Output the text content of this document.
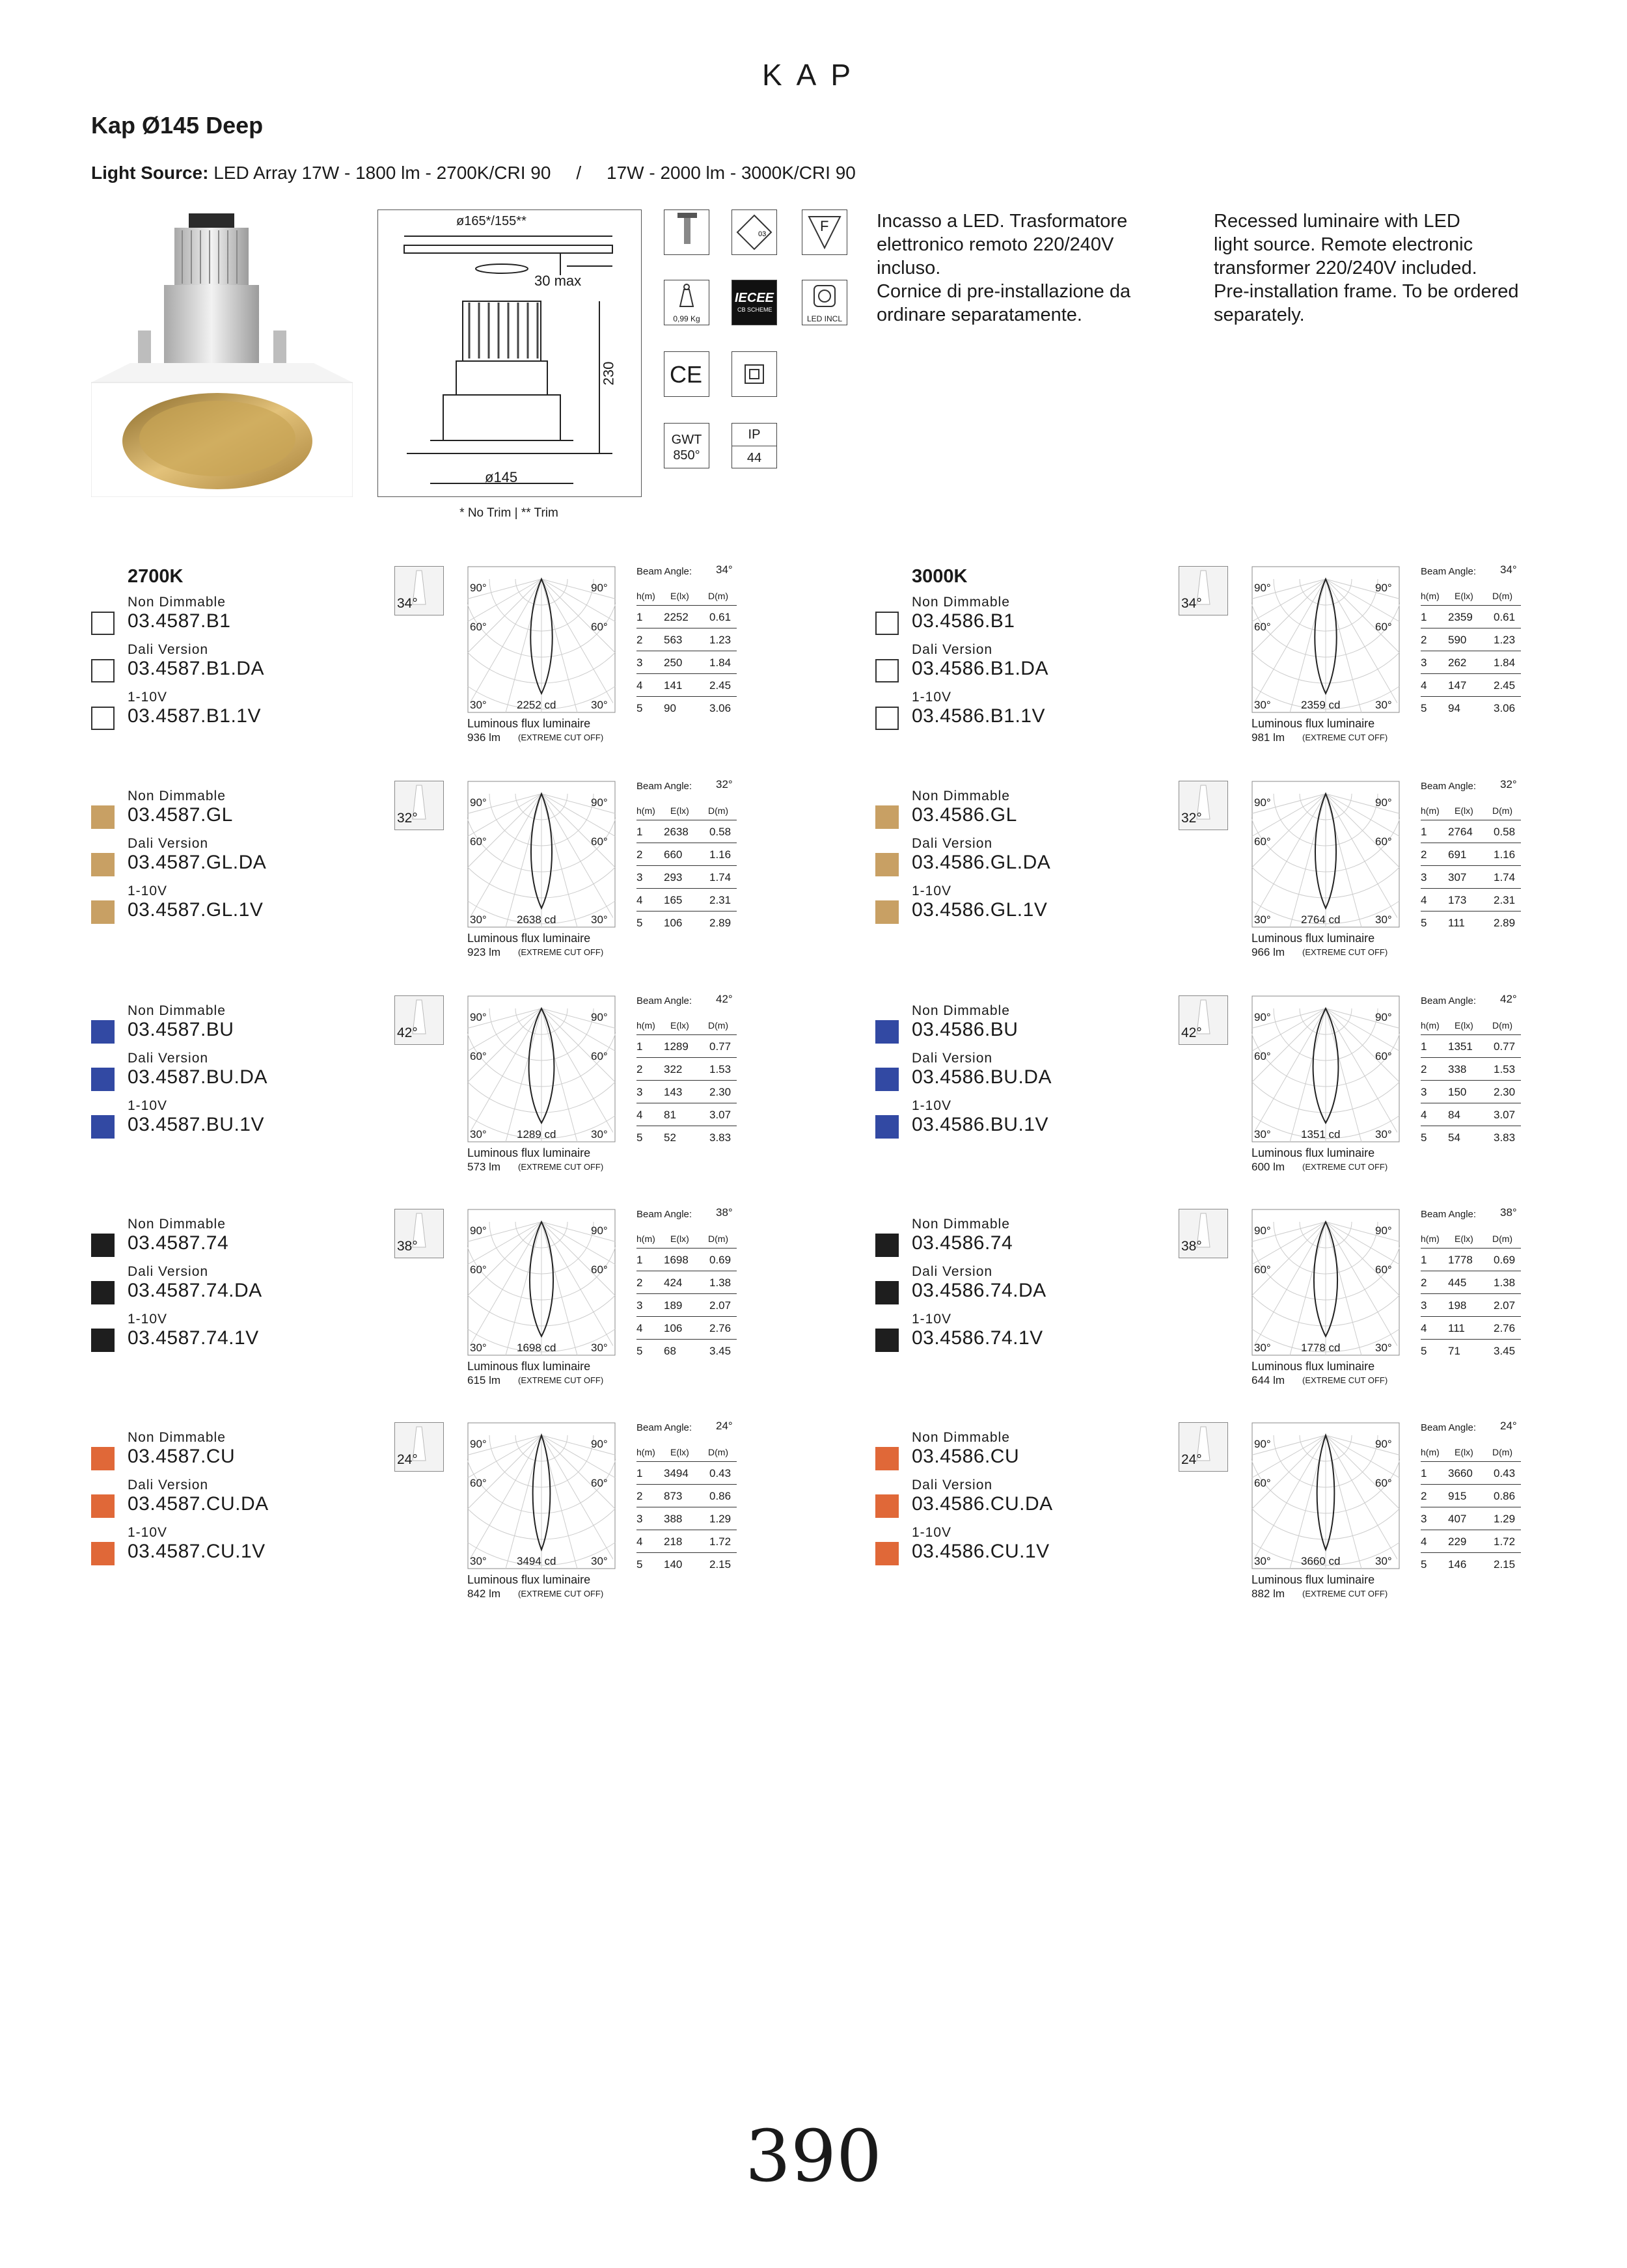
KAP
Kap Ø145 Deep
Light Source: LED Array 17W - 1800 lm - 2700K/CRI 90 / 17W - 2000 lm - 3000K/CRI 90
ø165*/155**
30 max
230
ø145
* No Trim | ** Trim
03	F
0,99 Kg
IECEE
CB SCHEME
LED INCL
CE
GWT
850°
IP
44
Incasso a LED. Trasformatore
elettronico remoto 220/240V
incluso.
Cornice di pre-installazione da
ordinare separatamente.
Recessed luminaire with LED
light source. Remote electronic
transformer 220/240V included.
Pre-installation frame. To be ordered
separately.
2700K
Non Dimmable
03.4587.B1
Dali Version
03.4587.B1.DA
1-10V
03.4587.B1.1V
34°
90°	90°
60°	60°
30°	30°
2252 cd
Luminous flux luminaire
936 lm (EXTREME CUT OFF)
Beam Angle: 34°
h(m) E(lx) D(m)
1 2252 0.61
2 563 1.23
3 250 1.84
4 141 2.45
5 90	3.06
3000K
Non Dimmable
03.4586.B1
Dali Version
03.4586.B1.DA
1-10V
03.4586.B1.1V
34°
90°	90°
60°	60°
30°	30°
2359 cd
Luminous flux luminaire
981 lm (EXTREME CUT OFF)
Beam Angle: 34°
h(m) E(lx) D(m)
1 2359 0.61
2 590 1.23
3 262 1.84
4 147 2.45
5 94	3.06
Non Dimmable
03.4587.GL
Dali Version
03.4587.GL.DA
1-10V
03.4587.GL.1V
32°
90°	90°
60°	60°
30°	30°
2638 cd
Luminous flux luminaire
923 lm (EXTREME CUT OFF)
Beam Angle: 32°
h(m) E(lx) D(m)
1 2638 0.58
2 660 1.16
3 293 1.74
4 165 2.31
5 106 2.89
Non Dimmable
03.4586.GL
Dali Version
03.4586.GL.DA
1-10V
03.4586.GL.1V
32°
90°	90°
60°	60°
30°	30°
2764 cd
Luminous flux luminaire
966 lm (EXTREME CUT OFF)
Beam Angle: 32°
h(m) E(lx) D(m)
1 2764 0.58
2 691 1.16
3 307 1.74
4 173 2.31
5 111	2.89
Non Dimmable
03.4587.BU
Dali Version
03.4587.BU.DA
1-10V
03.4587.BU.1V
42°
90°	90°
60°	60°
30°	30°
1289 cd
Luminous flux luminaire
573 lm (EXTREME CUT OFF)
Beam Angle: 42°
h(m) E(lx) D(m)
1 1289 0.77
2 322 1.53
3 143 2.30
4 81	3.07
5 52	3.83
Non Dimmable
03.4586.BU
Dali Version
03.4586.BU.DA
1-10V
03.4586.BU.1V
42°
90°	90°
60°	60°
30°	30°
1351 cd
Luminous flux luminaire
600 lm (EXTREME CUT OFF)
Beam Angle: 42°
h(m) E(lx) D(m)
1 1351 0.77
2 338 1.53
3 150 2.30
4 84	3.07
5 54	3.83
Non Dimmable
03.4587.74
Dali Version
03.4587.74.DA
1-10V
03.4587.74.1V
38°
90°	90°
60°	60°
30°	30°
1698 cd
Luminous flux luminaire
615 lm (EXTREME CUT OFF)
Beam Angle: 38°
h(m) E(lx) D(m)
1 1698 0.69
2 424 1.38
3 189 2.07
4 106 2.76
5 68	3.45
Non Dimmable
03.4586.74
Dali Version
03.4586.74.DA
1-10V
03.4586.74.1V
38°
90°	90°
60°	60°
30°	30°
1778 cd
Luminous flux luminaire
644 lm (EXTREME CUT OFF)
Beam Angle: 38°
h(m) E(lx) D(m)
1 1778 0.69
2 445 1.38
3 198 2.07
4 111	2.76
5 71	3.45
Non Dimmable
03.4587.CU
Dali Version
03.4587.CU.DA
1-10V
03.4587.CU.1V
24°
90°	90°
60°	60°
30°	30°
3494 cd
Luminous flux luminaire
842 lm (EXTREME CUT OFF)
Beam Angle: 24°
h(m) E(lx) D(m)
1 3494 0.43
2 873 0.86
3 388 1.29
4 218 1.72
5 140 2.15
Non Dimmable
03.4586.CU
Dali Version
03.4586.CU.DA
1-10V
03.4586.CU.1V
24°
90°	90°
60°	60°
30°	30°
3660 cd
Luminous flux luminaire
882 lm (EXTREME CUT OFF)
Beam Angle: 24°
h(m) E(lx) D(m)
1 3660 0.43
2 915 0.86
3 407 1.29
4 229 1.72
5 146 2.15
390
